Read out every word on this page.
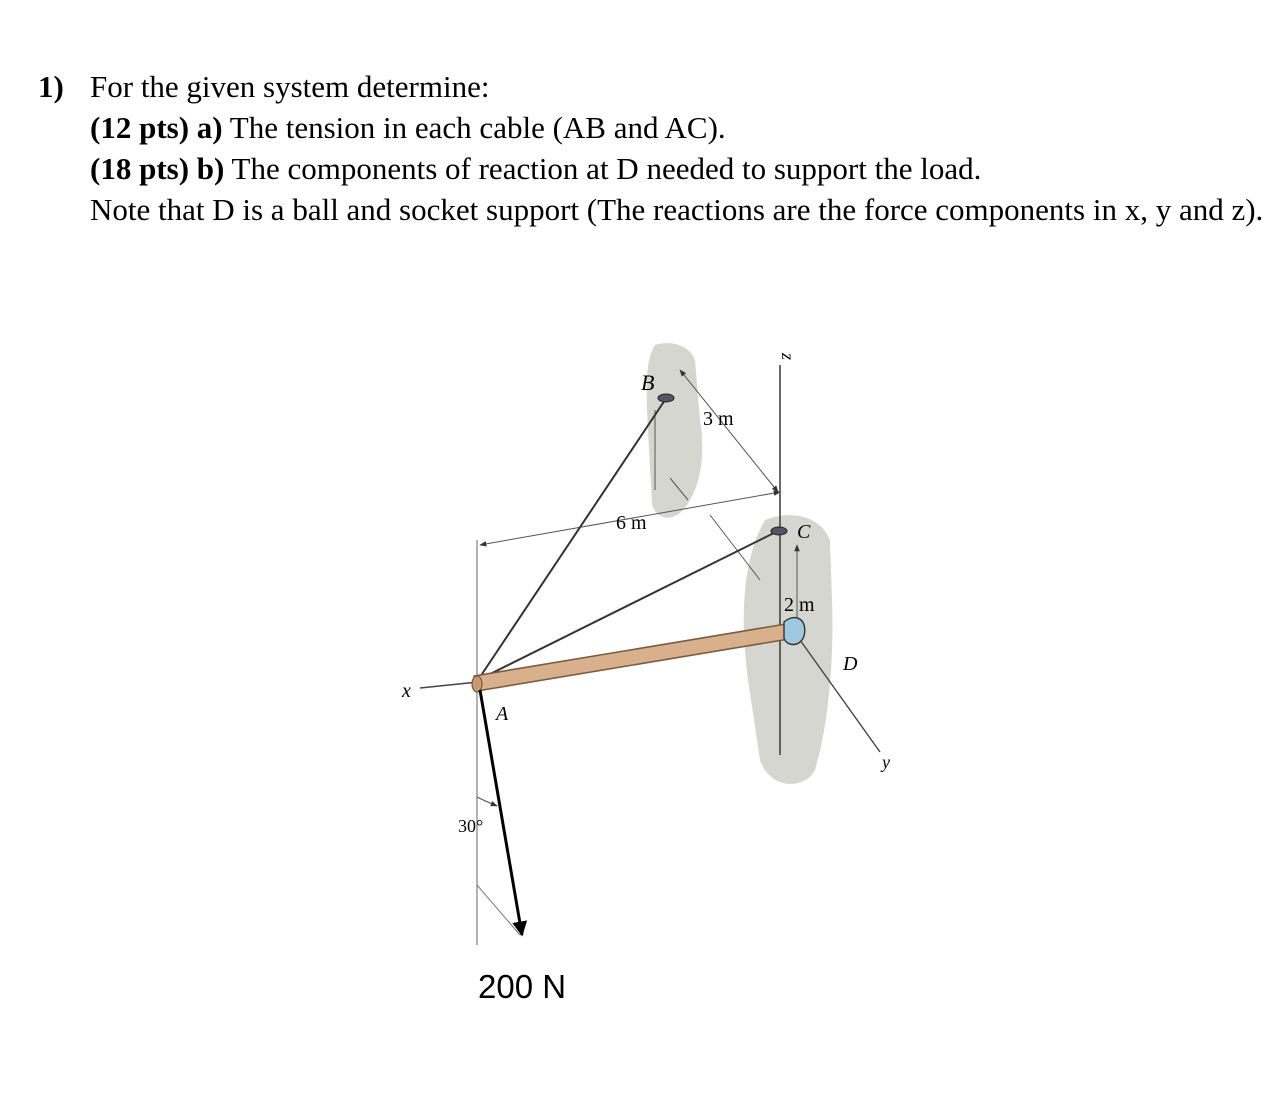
1) For the given system determine:
(12 pts) a) The tension in each cable (AB and AC).
(18 pts) b) The components of reaction at D needed to support the load.
Note that D is a ball and socket support (The reactions are the force components in x, y and z).
B
C
D
A
x
y
z
3 m
6 m
2 m
30°
200 N
